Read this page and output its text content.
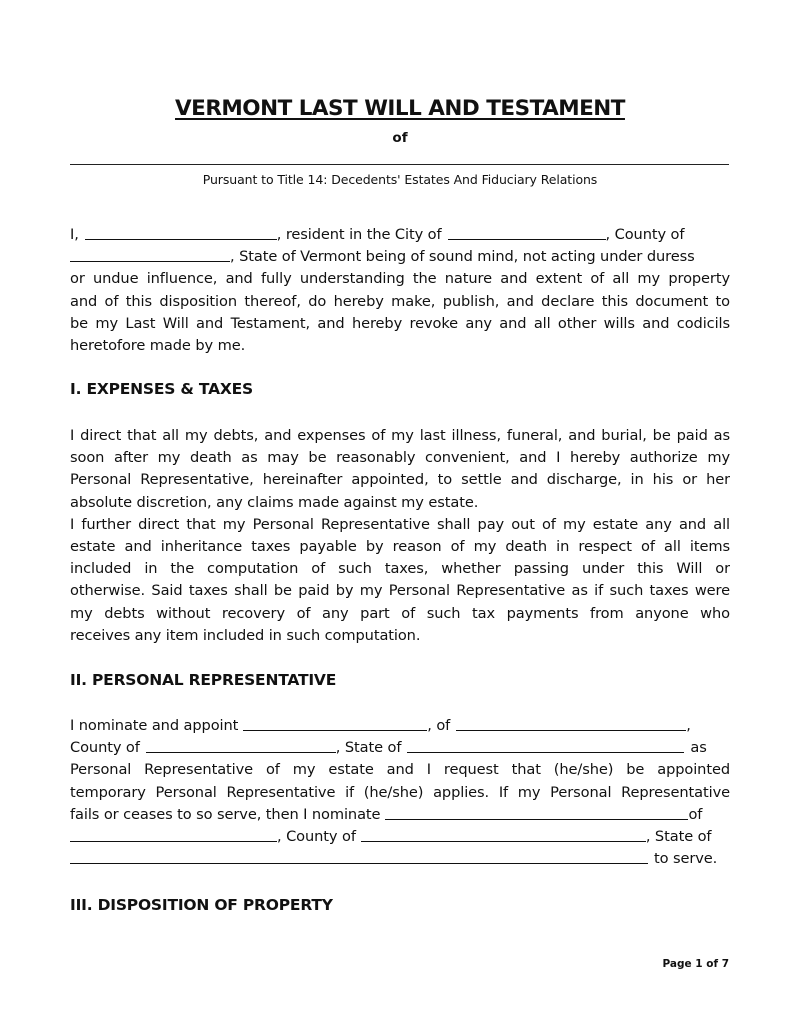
VERMONT LAST WILL AND TESTAMENT
of
Pursuant to Title 14: Decedents' Estates And Fiduciary Relations
I,	, resident in the City of	, County of
, State of Vermont being of sound mind, not acting under duress
or undue influence, and fully understanding the nature and extent of all my property
and of this disposition thereof, do hereby make, publish, and declare this document to
be my Last Will and Testament, and hereby revoke any and all other wills and codicils
heretofore made by me.
I. EXPENSES & TAXES
I direct that all my debts, and expenses of my last illness, funeral, and burial, be paid as
soon after my death as may be reasonably convenient, and I hereby authorize my
Personal Representative, hereinafter appointed, to settle and discharge, in his or her
absolute discretion, any claims made against my estate.
I further direct that my Personal Representative shall pay out of my estate any and all
estate and inheritance taxes payable by reason of my death in respect of all items
included in the computation of such taxes, whether passing under this Will or
otherwise. Said taxes shall be paid by my Personal Representative as if such taxes were
my debts without recovery of any part of such tax payments from anyone who
receives any item included in such computation.
II. PERSONAL REPRESENTATIVE
I nominate and appoint	, of	,
County of	, State of	as
Personal Representative of my estate and I request that (he/she) be appointed
temporary Personal Representative if (he/she) applies. If my Personal Representative
fails or ceases to so serve, then I nominate	of
, County of	, State of
to serve.
III. DISPOSITION OF PROPERTY
Page 1 of 7
